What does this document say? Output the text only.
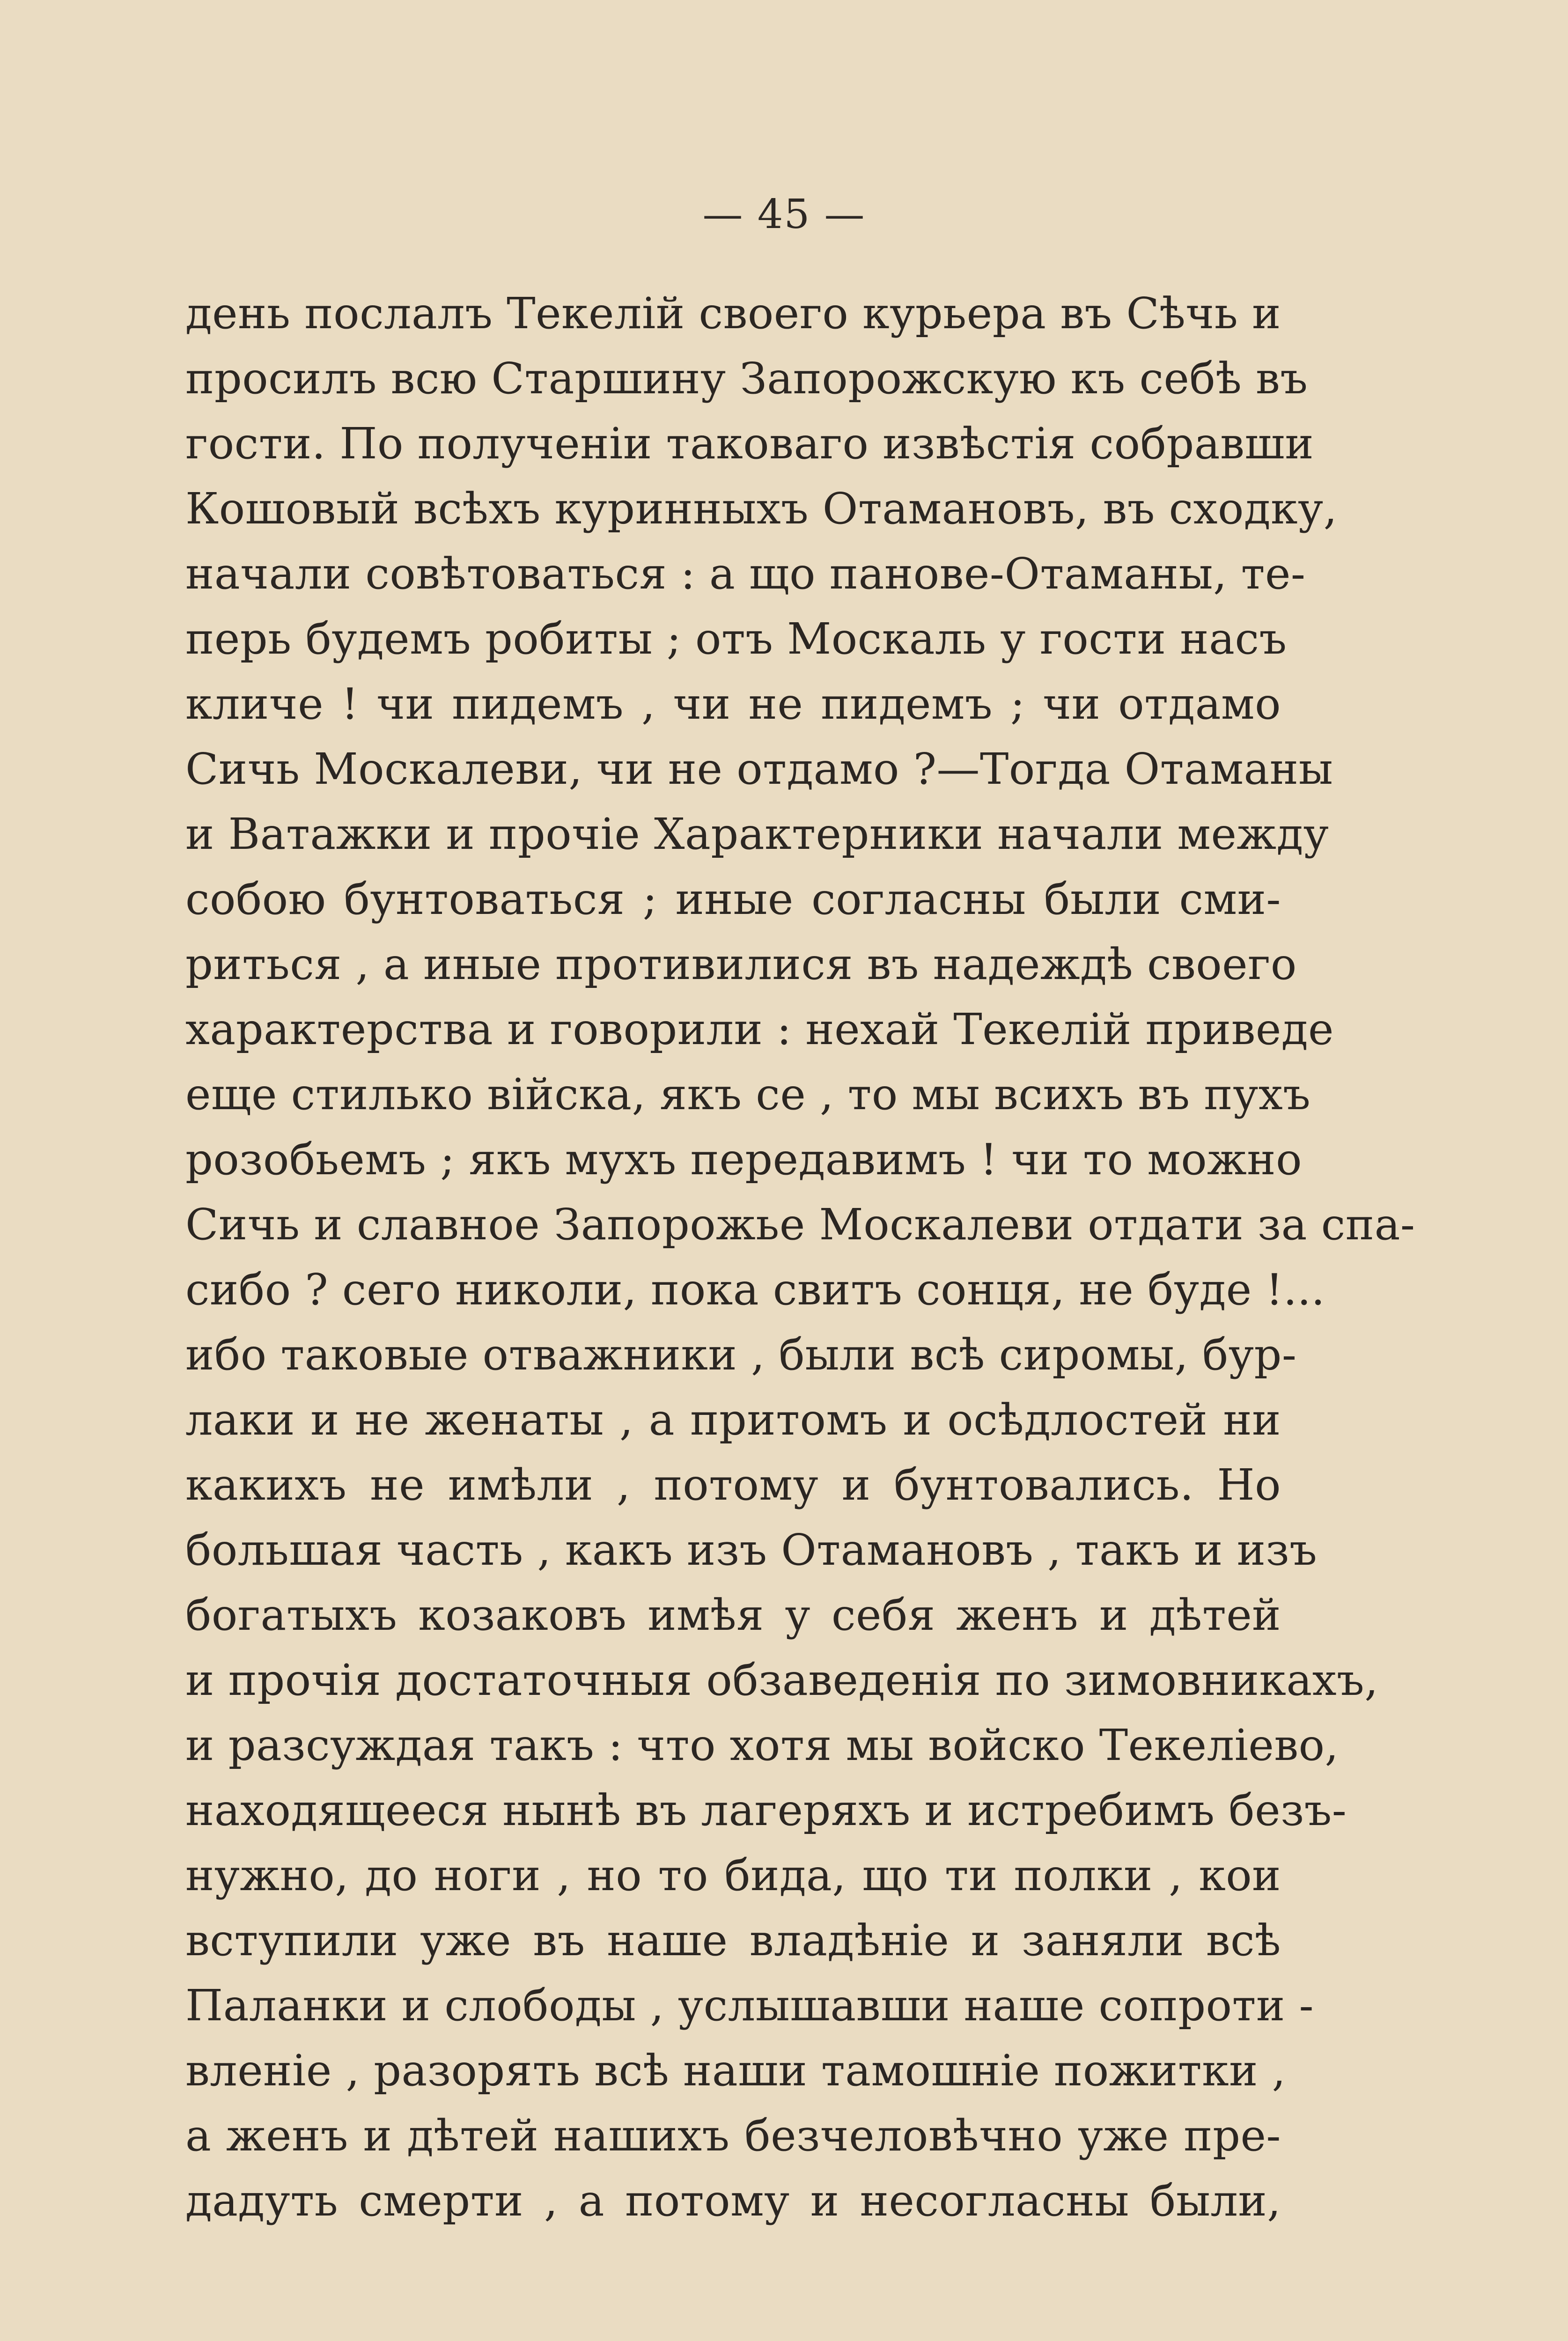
— 45 —
день послалъ Текелій своего курьера въ Сѣчь и
просилъ всю Старшину Запорожскую къ себѣ въ
гости. По полученіи таковаго извѣстія собравши
Кошовый всѣхъ куринныхъ Отамановъ, въ сходку,
начали совѣтоваться : а що панове-Отаманы, те-
перь будемъ робиты ; отъ Москаль у гости насъ
кличе ! чи пидемъ , чи не пидемъ ; чи отдамо
Сичь Москалеви, чи не отдамо ?—Тогда Отаманы
и Ватажки и прочіе Характерники начали между
собою бунтоваться ; иные согласны были сми-
риться , а иные противилися въ надеждѣ своего
характерства и говорили : нехай Текелій приведе
еще стилько війска, якъ се , то мы всихъ въ пухъ
розобьемъ ; якъ мухъ передавимъ ! чи то можно
Сичь и славное Запорожье Москалеви отдати за спа-
сибо ? сего николи, пока свитъ сонця, не буде !...
ибо таковые отважники , были всѣ сиромы, бур-
лаки и не женаты , а притомъ и осѣдлостей ни
какихъ не имѣли , потому и бунтовались. Но
большая часть , какъ изъ Отамановъ , такъ и изъ
богатыхъ козаковъ имѣя у себя женъ и дѣтей
и прочія достаточныя обзаведенія по зимовникахъ,
и разсуждая такъ : что хотя мы войско Текеліево,
находящееся нынѣ въ лагеряхъ и истребимъ безъ-
нужно, до ноги , но то бида, що ти полки , кои
вступили уже въ наше владѣніе и заняли всѣ
Паланки и слободы , услышавши наше сопроти -
вленіе , разорять всѣ наши тамошніе пожитки ,
а женъ и дѣтей нашихъ безчеловѣчно уже пре-
дадуть смерти , а потому и несогласны были,
